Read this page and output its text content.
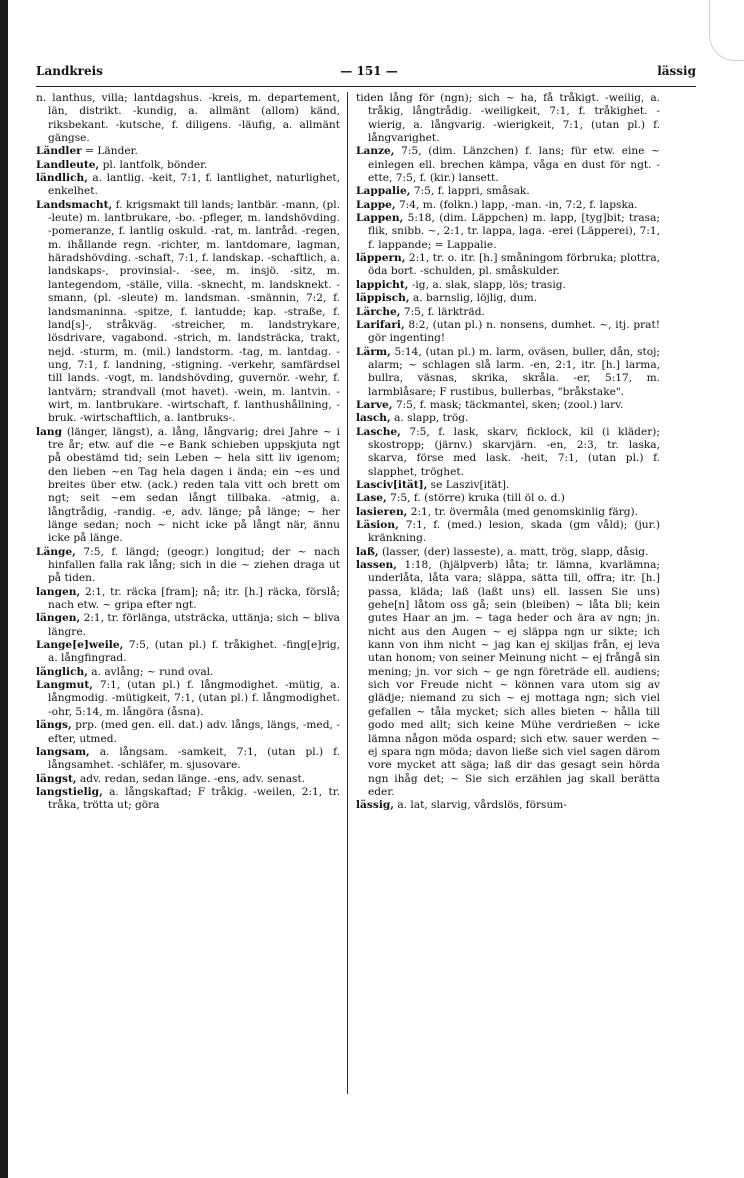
Landkreis	— 151 —	lässig

n. lanthus, villa; lantdagshus. -kreis, m. departement, län, distrikt. -kundig, a. allmänt (allom) känd, riksbekant. -kutsche, f. diligens. -läufig, a. allmänt gängse.

Ländler = Länder.

Landleute, pl. lantfolk, bönder.

ländlich, a. lantlig. -keit, 7:1, f. lantlighet, naturlighet, enkelhet.

Landsmacht, f. krigsmakt till lands; lantbär. -mann, (pl. -leute) m. lantbrukare, -bo. -pfleger, m. landshövding. -pomeranze, f. lantlig oskuld. -rat, m. lantråd. -regen, m. ihållande regn. -richter, m. lantdomare, lagman, häradshövding. -schaft, 7:1, f. landskap. -schaftlich, a. landskaps-, provinsial-. -see, m. insjö. -sitz, m. lantegendom, -ställe, villa. -sknecht, m. landsknekt. -smann, (pl. -sleute) m. landsman. -smännin, 7:2, f. landsmaninna. -spitze, f. lantudde; kap. -straße, f. land[s]-, stråkväg. -streicher, m. landstrykare, lösdrivare, vagabond. -strich, m. landsträcka, trakt, nejd. -sturm, m. (mil.) landstorm. -tag, m. lantdag. -ung, 7:1, f. landning, -stigning. -verkehr, samfärdsel till lands. -vogt, m. landshövding, guvernör. -wehr, f. lantvärn; strandvall (mot havet). -wein, m. lantvin. -wirt, m. lantbrukare. -wirtschaft, f. lanthushållning, -bruk. -wirtschaftlich, a. lantbruks-.

lang (länger, längst), a. lång, långvarig; drei Jahre ~ i tre år; etw. auf die ~e Bank schieben uppskjuta ngt på obestämd tid; sein Leben ~ hela sitt liv igenom; den lieben ~en Tag hela dagen i ända; ein ~es und breites über etw. (ack.) reden tala vitt och brett om ngt; seit ~em sedan långt tillbaka. -atmig, a. långtrådig, -randig. -e, adv. länge; på länge; ~ her länge sedan; noch ~ nicht icke på långt när, ännu icke på länge.

Länge, 7:5, f. längd; (geogr.) longitud; der ~ nach hinfallen falla rak lång; sich in die ~ ziehen draga ut på tiden.

langen, 2:1, tr. räcka [fram]; nå; itr. [h.] räcka, förslå; nach etw. ~ gripa efter ngt.

längen, 2:1, tr. förlänga, utsträcka, uttänja; sich ~ bliva längre.

Lange[e]weile, 7:5, (utan pl.) f. tråkighet. -fing[e]rig, a. långfingrad.

länglich, a. avlång; ~ rund oval.

Langmut, 7:1, (utan pl.) f. långmodighet. -mütig, a. långmodig. -mütigkeit, 7:1, (utan pl.) f. långmodighet. -ohr, 5:14, m. långöra (åsna).

längs, prp. (med gen. ell. dat.) adv. långs, längs, -med, -efter, utmed.

langsam, a. långsam. -samkeit, 7:1, (utan pl.) f. långsamhet. -schläfer, m. sjusovare.

längst, adv. redan, sedan länge. -ens, adv. senast.

langstielig, a. långskaftad; F tråkig. -weilen, 2:1, tr. tråka, trötta ut; göra

tiden lång för (ngn); sich ~ ha, få tråkigt. -weilig, a. tråkig, långtrådig. -weiligkeit, 7:1, f. tråkighet. -wierig, a. långvarig. -wierigkeit, 7:1, (utan pl.) f. långvarighet.

Lanze, 7:5, (dim. Länzchen) f. lans; für etw. eine ~ einlegen ell. brechen kämpa, våga en dust för ngt. -ette, 7:5, f. (kir.) lansett.

Lappalie, 7:5, f. lappri, småsak.

Lappe, 7:4, m. (folkn.) lapp, -man. -in, 7:2, f. lapska.

Lappen, 5:18, (dim. Läppchen) m. lapp, [tyg]bit; trasa; flik, snibb. ~, 2:1, tr. lappa, laga. -erei (Läpperei), 7:1, f. lappande; = Lappalie.

läppern, 2:1, tr. o. itr. [h.] småningom förbruka; plottra, öda bort. -schulden, pl. småskulder.

lappicht, -ig, a. slak, slapp, lös; trasig.

läppisch, a. barnslig, löjlig, dum.

Lärche, 7:5, f. lärkträd.

Larifari, 8:2, (utan pl.) n. nonsens, dumhet. ~, itj. prat! gör ingenting!

Lärm, 5:14, (utan pl.) m. larm, oväsen, buller, dån, stoj; alarm; ~ schlagen slå larm. -en, 2:1, itr. [h.] larma, bullra, väsnas, skrika, skråla. -er, 5:17, m. larmblåsare; F rustibus, bullerbas, "bråkstake".

Larve, 7:5, f. mask; täckmantel, sken; (zool.) larv.

lasch, a. slapp, trög.

Lasche, 7:5, f. lask, skarv, ficklock, kil (i kläder); skostropp; (järnv.) skarvjärn. -en, 2:3, tr. laska, skarva, förse med lask. -heit, 7:1, (utan pl.) f. slapphet, tröghet.

Lasciv[ität], se Lasziv[ität].

Lase, 7:5, f. (större) kruka (till öl o. d.)

lasieren, 2:1, tr. övermåla (med genomskinlig färg).

Läsion, 7:1, f. (med.) lesion, skada (gm våld); (jur.) kränkning.

laß, (lasser, (der) lasseste), a. matt, trög, slapp, dåsig.

lassen, 1:18, (hjälpverb) låta; tr. lämna, kvarlämna; underlåta, låta vara; släppa, sätta till, offra; itr. [h.] passa, kläda; laß (laßt uns) ell. lassen Sie uns) gehe[n] låtom oss gå; sein (bleiben) ~ låta bli; kein gutes Haar an jm. ~ taga heder och ära av ngn; jn. nicht aus den Augen ~ ej släppa ngn ur sikte; ich kann von ihm nicht ~ jag kan ej skiljas från, ej leva utan honom; von seiner Meinung nicht ~ ej frångå sin mening; jn. vor sich ~ ge ngn företräde ell. audiens; sich vor Freude nicht ~ können vara utom sig av glädje; niemand zu sich ~ ej mottaga ngn; sich viel gefallen ~ tåla mycket; sich alles bieten ~ hålla till godo med allt; sich keine Mühe verdrießen ~ icke lämna någon möda ospard; sich etw. sauer werden ~ ej spara ngn möda; davon ließe sich viel sagen därom vore mycket att säga; laß dir das gesagt sein hörda ngn ihåg det; ~ Sie sich erzählen jag skall berätta eder.

lässig, a. lat, slarvig, vårdslös, försum-
